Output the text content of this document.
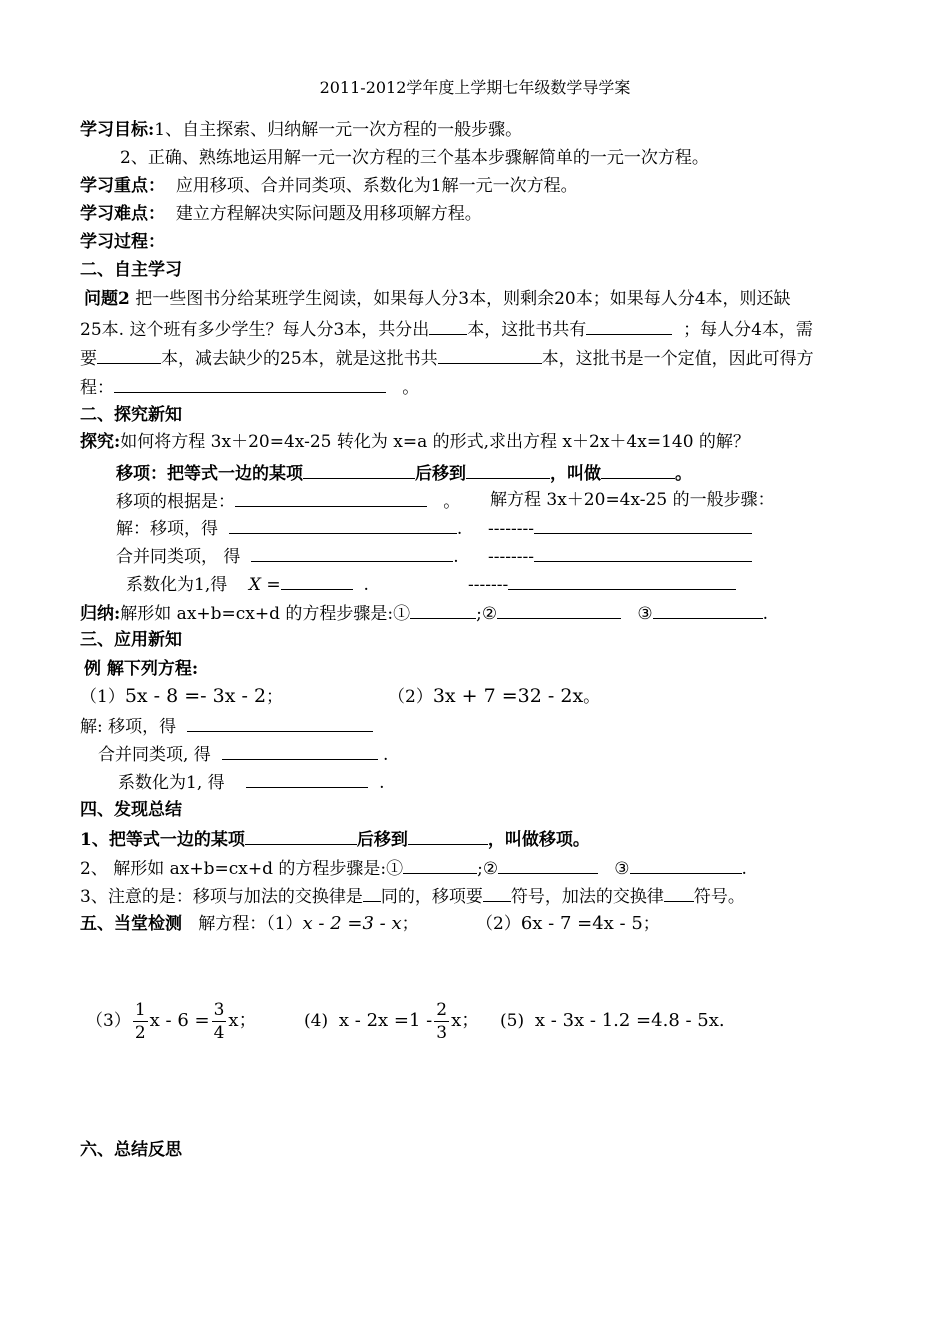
2011-2012学年度上学期七年级数学导学案
学习目标:1、自主探索、归纳解一元一次方程的一般步骤。
2、正确、熟练地运用解一元一次方程的三个基本步骤解简单的一元一次方程。
学习重点： 应用移项、合并同类项、系数化为1解一元一次方程。
学习难点： 建立方程解决实际问题及用移项解方程。
学习过程：
二、自主学习
问题2 把一些图书分给某班学生阅读，如果每人分3本，则剩余20本；如果每人分4本，则还缺
25本. 这个班有多少学生？每人分3本，共分出 本，这批书共有	；每人分4本，需
要	本，减去缺少的25本，就是这批书共	本，这批书是一个定值，因此可得方
程：	。
二、探究新知
探究:如何将方程 3x＋20=4x-25 转化为 x=a 的形式,求出方程 x＋2x＋4x=140 的解？
移项：把等式一边的某项	后移到	，叫做	。
移项的根据是：	。 解方程 3x＋20=4x-25 的一般步骤：
解：移项，得	. --------
合并同类项， 得	. --------
系数化为1,得 X =	.	-------
归纳:解形如 ax+b=cx+d 的方程步骤是:①	;②	③	.
三、应用新知
例 解下列方程:
（1）5x - 8 =- 3x - 2；	（2）3x + 7 =32 - 2x。
解: 移项，得
合并同类项, 得	.
系数化为1, 得	.
四、发现总结
1、把等式一边的某项	后移到	，叫做移项。
2、 解形如 ax+b=cx+d 的方程步骤是:①	;②	③	.
3、注意的是：移项与加法的交换律是 同的，移项要 符号，加法的交换律 符号。
五、当堂检测 解方程：（1）x - 2 =3 - x；	（2）6x - 7 =4x - 5；
$(3) \frac{1}{2}$ $x - 6 = \frac{3}{4}$ x；	(4) $x - 2x =1 - \frac{2}{3}$ x； (5) x - 3x - 1.2 =4.8 - 5x.
六、总结反思
